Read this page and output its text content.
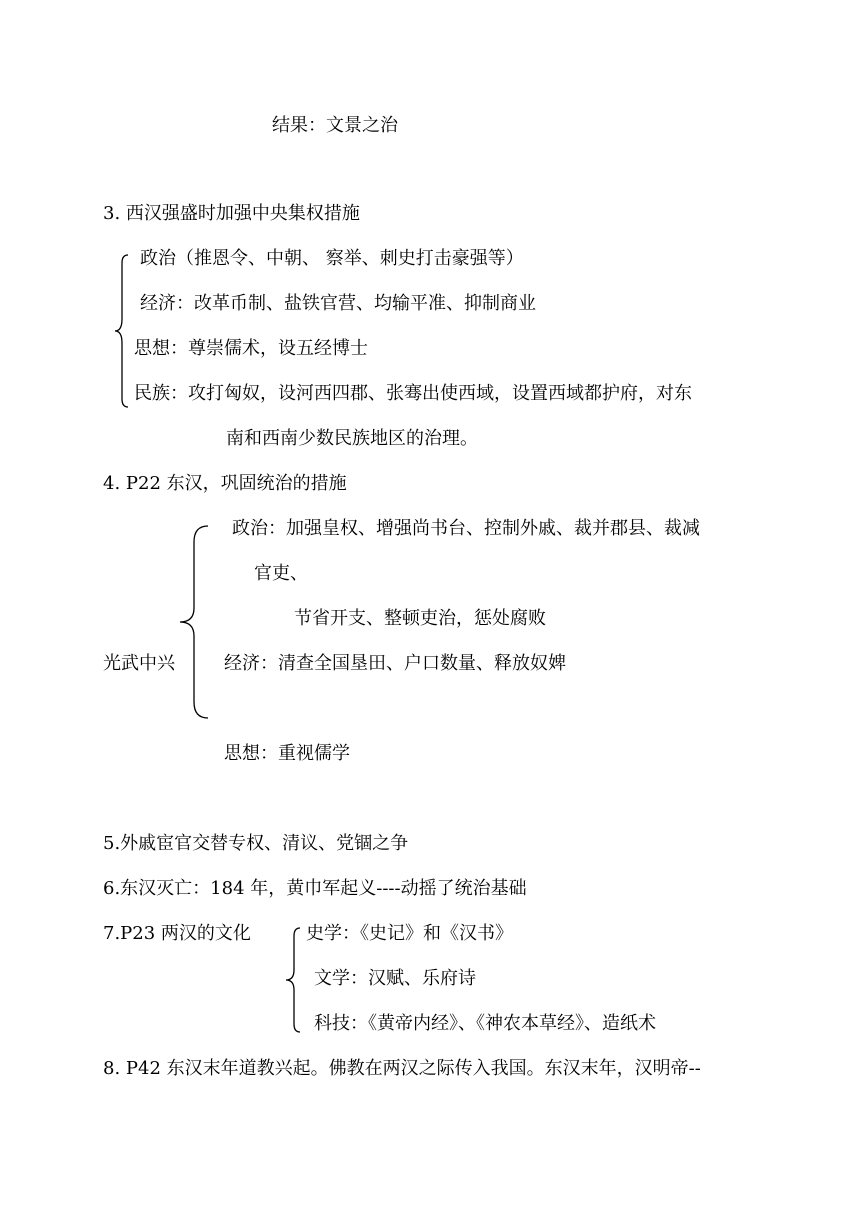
结果：文景之治
3. 西汉强盛时加强中央集权措施
政治（推恩令、中朝、 察举、刺史打击豪强等）
经济：改革币制、盐铁官营、均输平准、抑制商业
思想：尊崇儒术，设五经博士
民族：攻打匈奴，设河西四郡、张骞出使西域，设置西域都护府，对东
南和西南少数民族地区的治理。
4. P22 东汉，巩固统治的措施
光武中兴
政治：加强皇权、增强尚书台、控制外戚、裁并郡县、裁减
官吏、
节省开支、整顿吏治，惩处腐败
经济：清查全国垦田、户口数量、释放奴婢
思想：重视儒学
5.外戚宦官交替专权、清议、党锢之争
6.东汉灭亡：184 年，黄巾军起义----动摇了统治基础
7.P23 两汉的文化	史学：《史记》和《汉书》
文学：汉赋、乐府诗
科技：《黄帝内经》、《神农本草经》、造纸术
8. P42 东汉末年道教兴起。佛教在两汉之际传入我国。东汉末年，汉明帝--
